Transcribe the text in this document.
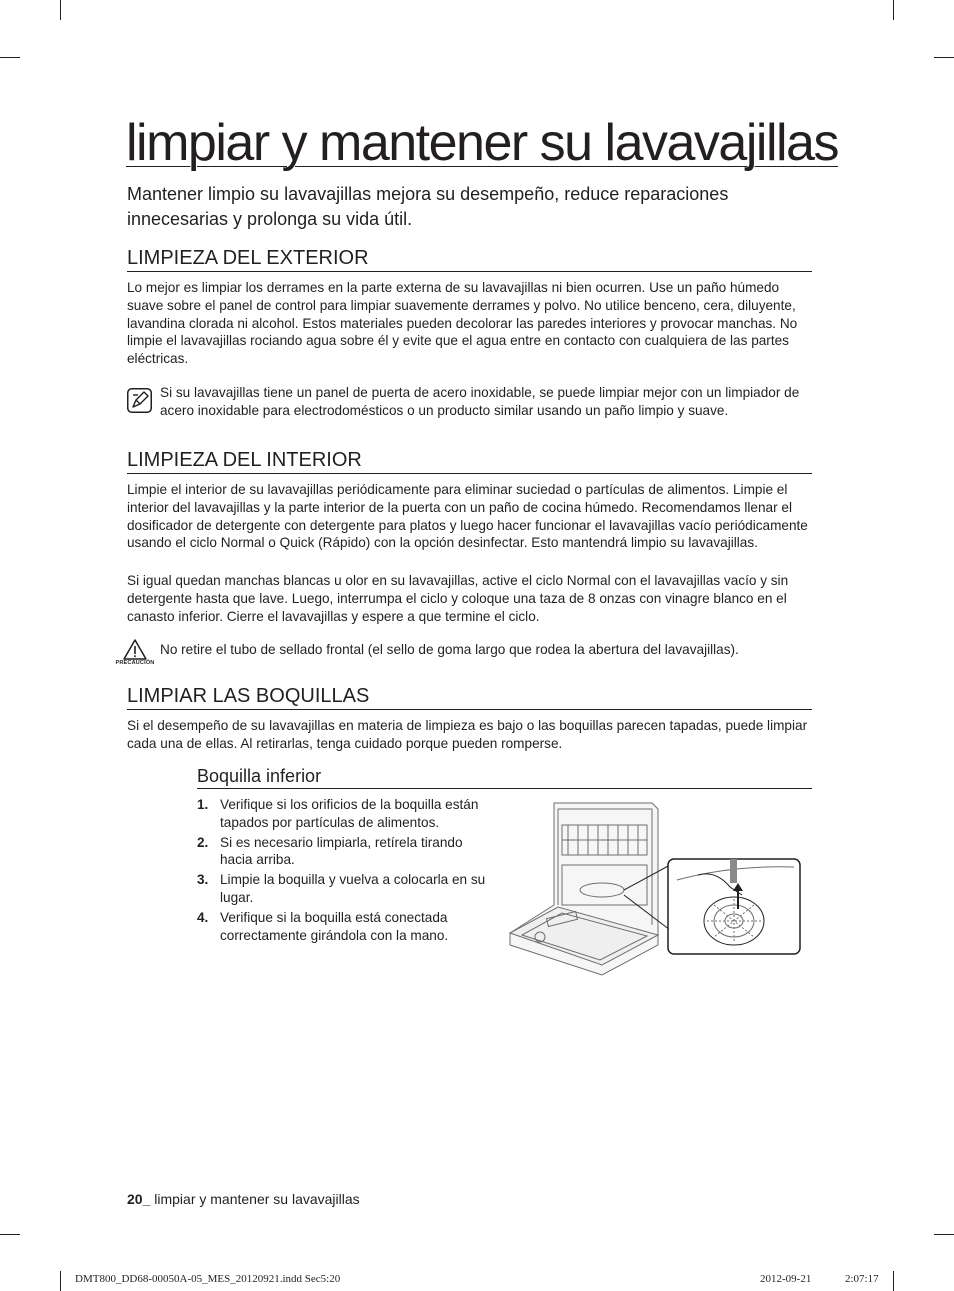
limpiar y mantener su lavavajillas

Mantener limpio su lavavajillas mejora su desempeño, reduce reparaciones innecesarias y prolonga su vida útil.

LIMPIEZA DEL EXTERIOR

Lo mejor es limpiar los derrames en la parte externa de su lavavajillas ni bien ocurren. Use un paño húmedo suave sobre el panel de control para limpiar suavemente derrames y polvo. No utilice benceno, cera, diluyente, lavandina clorada ni alcohol. Estos materiales pueden decolorar las paredes interiores y provocar manchas. No limpie el lavavajillas rociando agua sobre él y evite que el agua entre en contacto con cualquiera de las partes eléctricas.

Si su lavavajillas tiene un panel de puerta de acero inoxidable, se puede limpiar mejor con un limpiador de acero inoxidable para electrodomésticos o un producto similar usando un paño limpio y suave.

LIMPIEZA DEL INTERIOR

Limpie el interior de su lavavajillas periódicamente para eliminar suciedad o partículas de alimentos. Limpie el interior del lavavajillas y la parte interior de la puerta con un paño de cocina húmedo. Recomendamos llenar el dosificador de detergente con detergente para platos y luego hacer funcionar el lavavajillas vacío periódicamente usando el ciclo Normal o Quick (Rápido) con la opción desinfectar. Esto mantendrá limpio su lavavajillas.

Si igual quedan manchas blancas u olor en su lavavajillas, active el ciclo Normal con el lavavajillas vacío y sin detergente hasta que lave. Luego, interrumpa el ciclo y coloque una taza de 8 onzas con vinagre blanco en el canasto inferior. Cierre el lavavajillas y espere a que termine el ciclo.

PRECAUCIÓN

No retire el tubo de sellado frontal (el sello de goma largo que rodea la abertura del lavavajillas).

LIMPIAR LAS BOQUILLAS

Si el desempeño de su lavavajillas en materia de limpieza es bajo o las boquillas parecen tapadas, puede limpiar cada una de ellas. Al retirarlas, tenga cuidado porque pueden romperse.

Boquilla inferior
1. Verifique si los orificios de la boquilla están tapados por partículas de alimentos.
2. Si es necesario limpiarla, retírela tirando hacia arriba.
3. Limpie la boquilla y vuelva a colocarla en su lugar.
4. Verifique si la boquilla está conectada correctamente girándola con la mano.
20_ limpiar y mantener su lavavajillas
DMT800_DD68-00050A-05_MES_20120921.indd Sec5:20	2012-09-21	2:07:17
